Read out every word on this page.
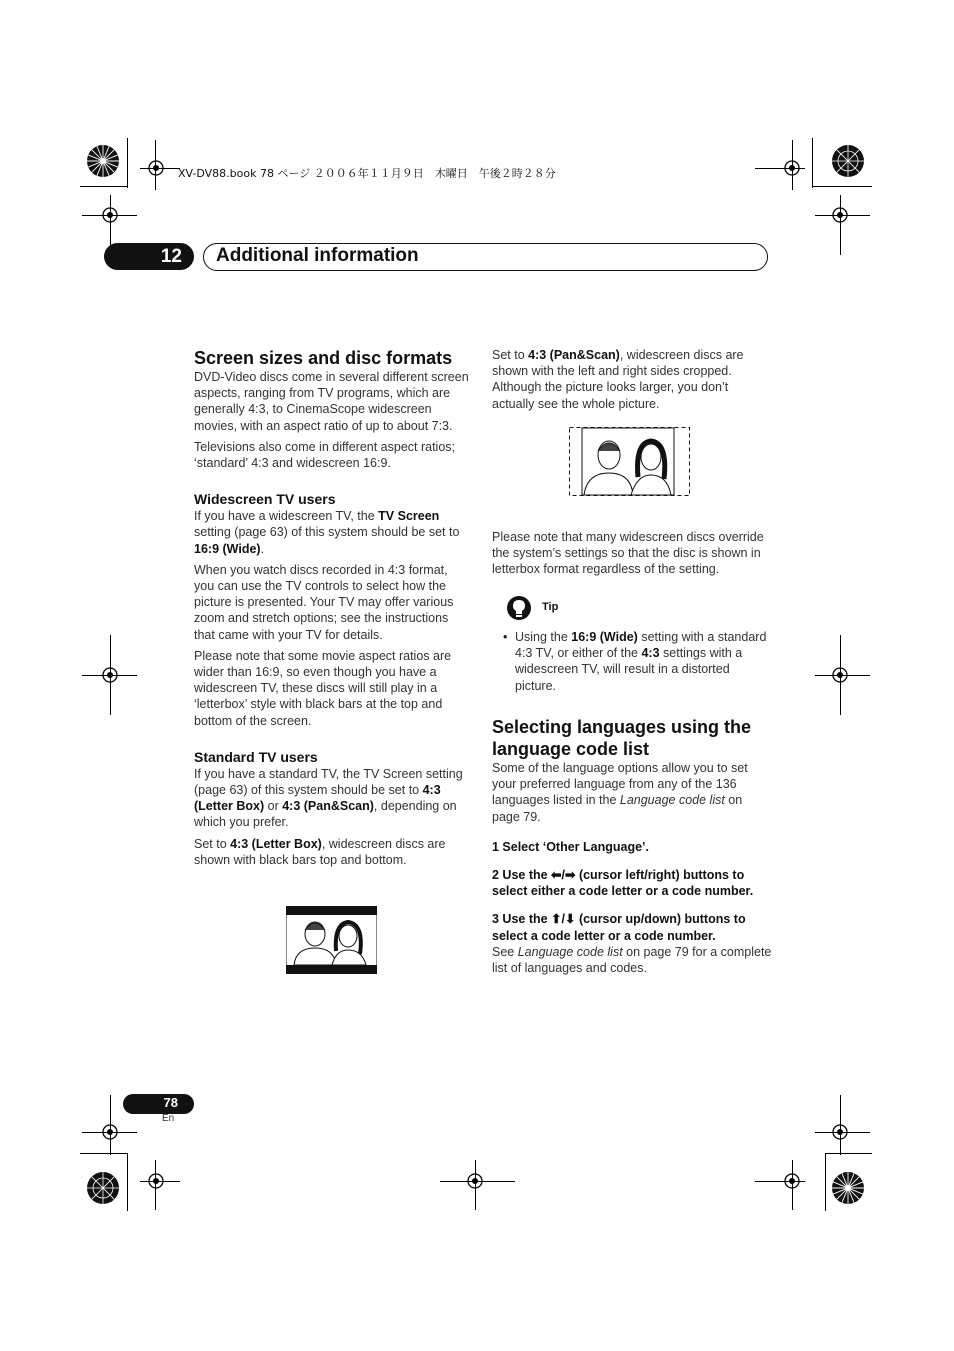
XV-DV88.book 78 ページ ２００６年１１月９日　木曜日　午後２時２８分
12 Additional information
Screen sizes and disc formats

DVD-Video discs come in several different screen aspects, ranging from TV programs, which are generally 4:3, to CinemaScope widescreen movies, with an aspect ratio of up to about 7:3.

Televisions also come in different aspect ratios; ‘standard’ 4:3 and widescreen 16:9.

Widescreen TV users

If you have a widescreen TV, the TV Screen setting (page 63) of this system should be set to 16:9 (Wide).

When you watch discs recorded in 4:3 format, you can use the TV controls to select how the picture is presented. Your TV may offer various zoom and stretch options; see the instructions that came with your TV for details.

Please note that some movie aspect ratios are wider than 16:9, so even though you have a widescreen TV, these discs will still play in a ‘letterbox’ style with black bars at the top and bottom of the screen.

Standard TV users

If you have a standard TV, the TV Screen setting (page 63) of this system should be set to 4:3 (Letter Box) or 4:3 (Pan&Scan), depending on which you prefer.

Set to 4:3 (Letter Box), widescreen discs are shown with black bars top and bottom.

Set to 4:3 (Pan&Scan), widescreen discs are shown with the left and right sides cropped. Although the picture looks larger, you don’t actually see the whole picture.

Please note that many widescreen discs override the system’s settings so that the disc is shown in letterbox format regardless of the setting.

Tip
• Using the 16:9 (Wide) setting with a standard 4:3 TV, or either of the 4:3 settings with a widescreen TV, will result in a distorted picture.

Selecting languages using the language code list

Some of the language options allow you to set your preferred language from any of the 136 languages listed in the Language code list on page 79.

1 Select ‘Other Language’.

2 Use the ⬅/➡ (cursor left/right) buttons to select either a code letter or a code number.

3 Use the ⬆/⬇ (cursor up/down) buttons to select a code letter or a code number.

See Language code list on page 79 for a complete list of languages and codes.

78
En
